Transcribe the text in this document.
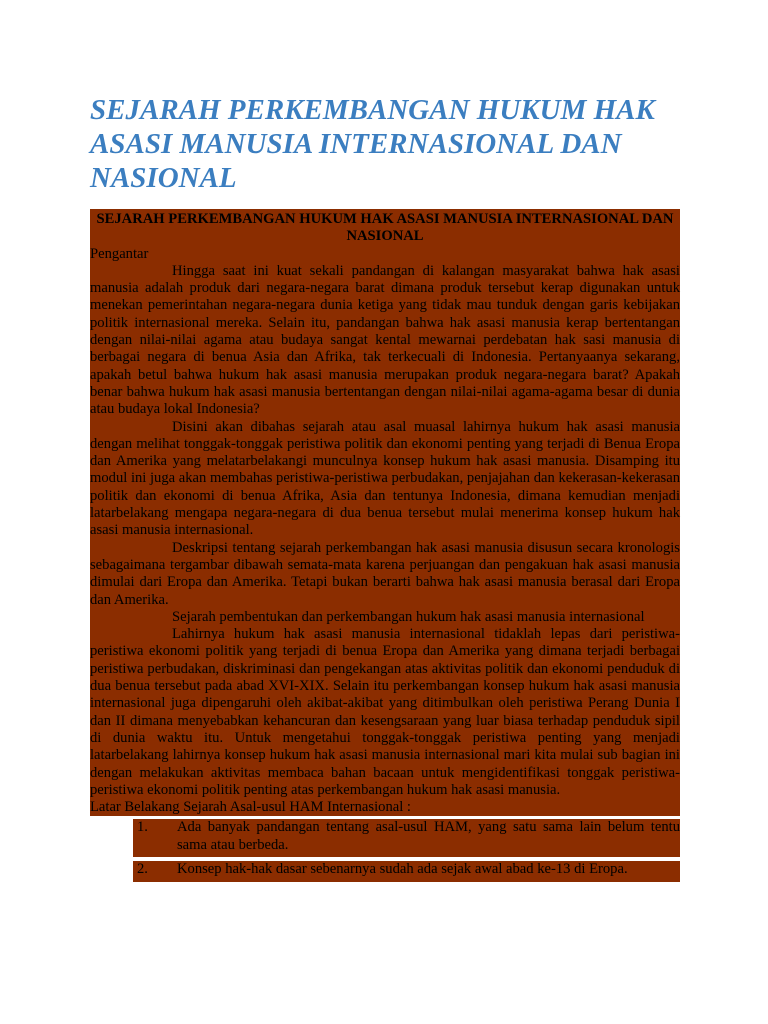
SEJARAH PERKEMBANGAN HUKUM HAK ASASI MANUSIA INTERNASIONAL DAN NASIONAL
SEJARAH PERKEMBANGAN HUKUM HAK ASASI MANUSIA INTERNASIONAL DAN NASIONAL

Pengantar

Hingga saat ini kuat sekali pandangan di kalangan masyarakat bahwa hak asasi manusia adalah produk dari negara-negara barat dimana produk tersebut kerap digunakan untuk menekan pemerintahan negara-negara dunia ketiga yang tidak mau tunduk dengan garis kebijakan politik internasional mereka. Selain itu, pandangan bahwa hak asasi manusia kerap bertentangan dengan nilai-nilai agama atau budaya sangat kental mewarnai perdebatan hak sasi manusia di berbagai negara di benua Asia dan Afrika, tak terkecuali di Indonesia. Pertanyaanya sekarang, apakah betul bahwa hukum hak asasi manusia merupakan produk negara-negara barat? Apakah benar bahwa hukum hak asasi manusia bertentangan dengan nilai-nilai agama-agama besar di dunia atau budaya lokal Indonesia?

Disini akan dibahas sejarah atau asal muasal lahirnya hukum hak asasi manusia dengan melihat tonggak-tonggak peristiwa politik dan ekonomi penting yang terjadi di Benua Eropa dan Amerika yang melatarbelakangi munculnya konsep hukum hak asasi manusia. Disamping itu modul ini juga akan membahas peristiwa-peristiwa perbudakan, penjajahan dan kekerasan-kekerasan politik dan ekonomi di benua Afrika, Asia dan tentunya Indonesia, dimana kemudian menjadi latarbelakang mengapa negara-negara di dua benua tersebut mulai menerima konsep hukum hak asasi manusia internasional.

Deskripsi tentang sejarah perkembangan hak asasi manusia disusun secara kronologis sebagaimana tergambar dibawah semata-mata karena perjuangan dan pengakuan hak asasi manusia dimulai dari Eropa dan Amerika. Tetapi bukan berarti bahwa hak asasi manusia berasal dari Eropa dan Amerika.

Sejarah pembentukan dan perkembangan hukum hak asasi manusia internasional

Lahirnya hukum hak asasi manusia internasional tidaklah lepas dari peristiwa-peristiwa ekonomi politik yang terjadi di benua Eropa dan Amerika yang dimana terjadi berbagai peristiwa perbudakan, diskriminasi dan pengekangan atas aktivitas politik dan ekonomi penduduk di dua benua tersebut pada abad XVI-XIX. Selain itu perkembangan konsep hukum hak asasi manusia internasional juga dipengaruhi oleh akibat-akibat yang ditimbulkan oleh peristiwa Perang Dunia I dan II dimana menyebabkan kehancuran dan kesengsaraan yang luar biasa terhadap penduduk sipil di dunia waktu itu. Untuk mengetahui tonggak-tonggak peristiwa penting yang menjadi latarbelakang lahirnya konsep hukum hak asasi manusia internasional mari kita mulai sub bagian ini dengan melakukan aktivitas membaca bahan bacaan untuk mengidentifikasi tonggak peristiwa-peristiwa ekonomi politik penting atas perkembangan hukum hak asasi manusia.

Latar Belakang Sejarah Asal-usul HAM Internasional :

1.	Ada banyak pandangan tentang asal-usul HAM, yang satu sama lain belum tentu sama atau berbeda.
2.	Konsep hak-hak dasar sebenarnya sudah ada sejak awal abad ke-13 di Eropa.
